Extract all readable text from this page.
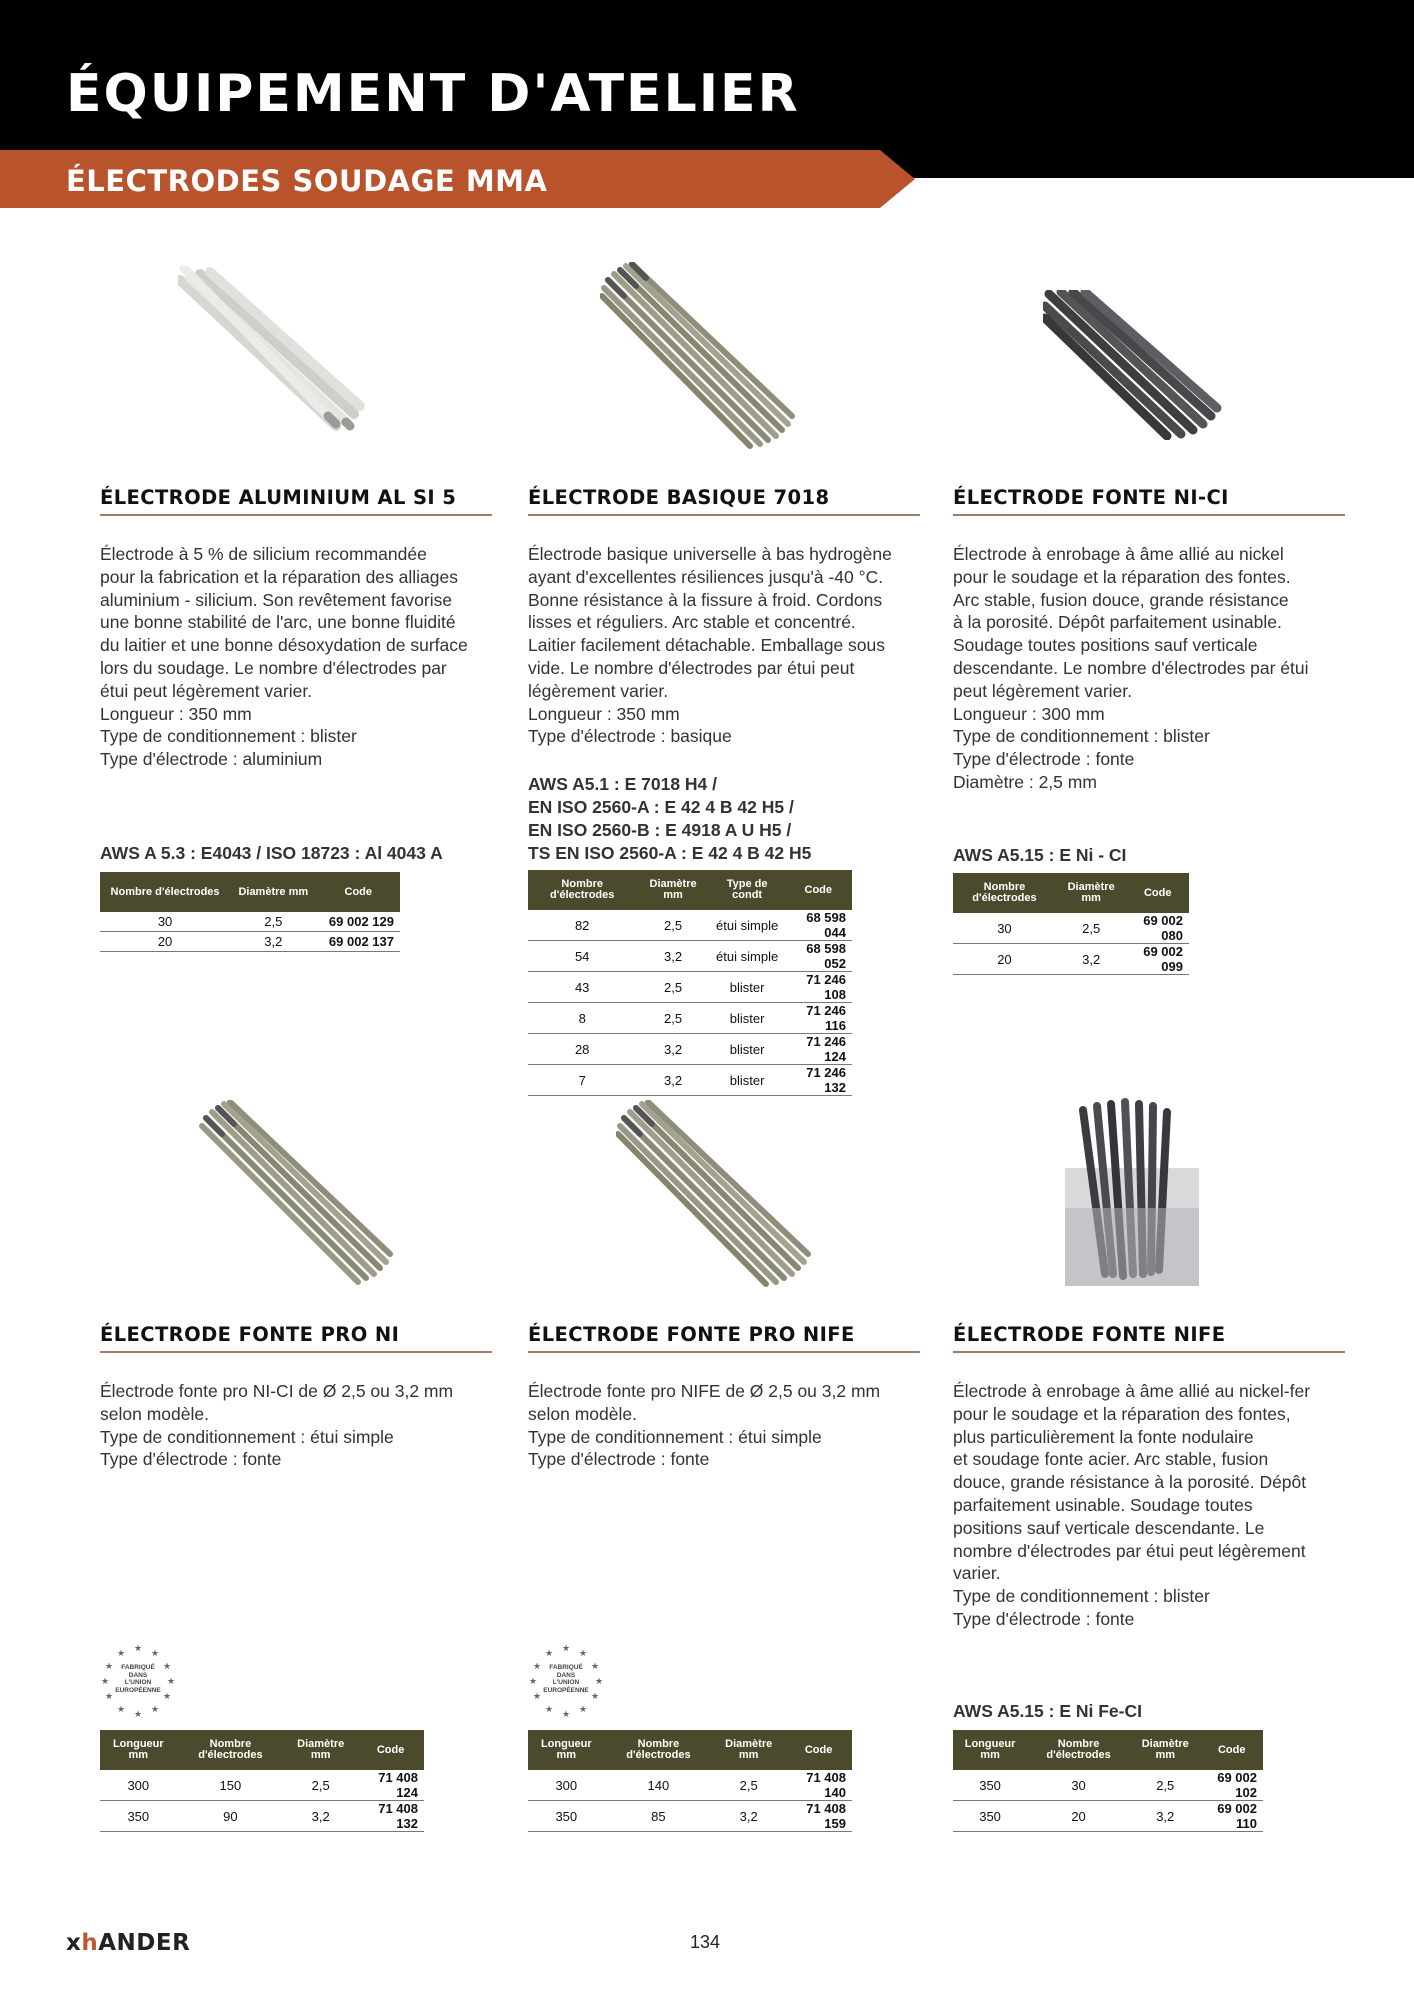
ÉQUIPEMENT D'ATELIER
ÉLECTRODES SOUDAGE MMA
ÉLECTRODE ALUMINIUM AL SI 5
Électrode à 5 % de silicium recommandée
pour la fabrication et la réparation des alliages
aluminium - silicium. Son revêtement favorise
une bonne stabilité de l'arc, une bonne fluidité
du laitier et une bonne désoxydation de surface
lors du soudage. Le nombre d'électrodes par
étui peut légèrement varier.
Longueur : 350 mm
Type de conditionnement : blister
Type d'électrode : aluminium
AWS A 5.3 : E4043 / ISO 18723 : Al 4043 A
Nombre d'électrodes	Diamètre mm	Code
30	2,5	69 002 129
20	3,2	69 002 137
ÉLECTRODE BASIQUE 7018
Électrode basique universelle à bas hydrogène
ayant d'excellentes résiliences jusqu'à -40 °C.
Bonne résistance à la fissure à froid. Cordons
lisses et réguliers. Arc stable et concentré.
Laitier facilement détachable. Emballage sous
vide. Le nombre d'électrodes par étui peut
légèrement varier.
Longueur : 350 mm
Type d'électrode : basique
AWS A5.1 : E 7018 H4 /
EN ISO 2560-A : E 42 4 B 42 H5 /
EN ISO 2560-B : E 4918 A U H5 /
TS EN ISO 2560-A : E 42 4 B 42 H5
Nombre d'électrodes	Diamètre mm	Type de condt	Code
82	2,5	étui simple	68 598 044
54	3,2	étui simple	68 598 052
43	2,5	blister	71 246 108
8	2,5	blister	71 246 116
28	3,2	blister	71 246 124
7	3,2	blister	71 246 132
ÉLECTRODE FONTE NI-CI
Électrode à enrobage à âme allié au nickel
pour le soudage et la réparation des fontes.
Arc stable, fusion douce, grande résistance
à la porosité. Dépôt parfaitement usinable.
Soudage toutes positions sauf verticale
descendante. Le nombre d'électrodes par étui
peut légèrement varier.
Longueur : 300 mm
Type de conditionnement : blister
Type d'électrode : fonte
Diamètre : 2,5 mm
AWS A5.15 : E Ni - CI
Nombre d'électrodes	Diamètre mm	Code
30	2,5	69 002 080
20	3,2	69 002 099
ÉLECTRODE FONTE PRO NI
Électrode fonte pro NI-CI de Ø 2,5 ou 3,2 mm
selon modèle.
Type de conditionnement : étui simple
Type d'électrode : fonte
★ ★
★
★
★
★
★
★
★
★
★
★
FABRIQUÉ
DANS
L'UNION
EUROPÉENNE
Longueur mm	Nombre d'électrodes	Diamètre mm	Code
300	150	2,5	71 408 124
350	90	3,2	71 408 132
ÉLECTRODE FONTE PRO NIFE
Électrode fonte pro NIFE de Ø 2,5 ou 3,2 mm
selon modèle.
Type de conditionnement : étui simple
Type d'électrode : fonte
★ ★
★
★
★
★
★
★
★
★
★
★
FABRIQUÉ
DANS
L'UNION
EUROPÉENNE
Longueur mm	Nombre d'électrodes	Diamètre mm	Code
300	140	2,5	71 408 140
350	85	3,2	71 408 159
ÉLECTRODE FONTE NIFE
Électrode à enrobage à âme allié au nickel-fer
pour le soudage et la réparation des fontes,
plus particulièrement la fonte nodulaire
et soudage fonte acier. Arc stable, fusion
douce, grande résistance à la porosité. Dépôt
parfaitement usinable. Soudage toutes
positions sauf verticale descendante. Le
nombre d'électrodes par étui peut légèrement
varier.
Type de conditionnement : blister
Type d'électrode : fonte
AWS A5.15 : E Ni Fe-CI
Longueur mm	Nombre d'électrodes	Diamètre mm	Code
350	30	2,5	69 002 102
350	20	3,2	69 002 110
xhANDER	134
